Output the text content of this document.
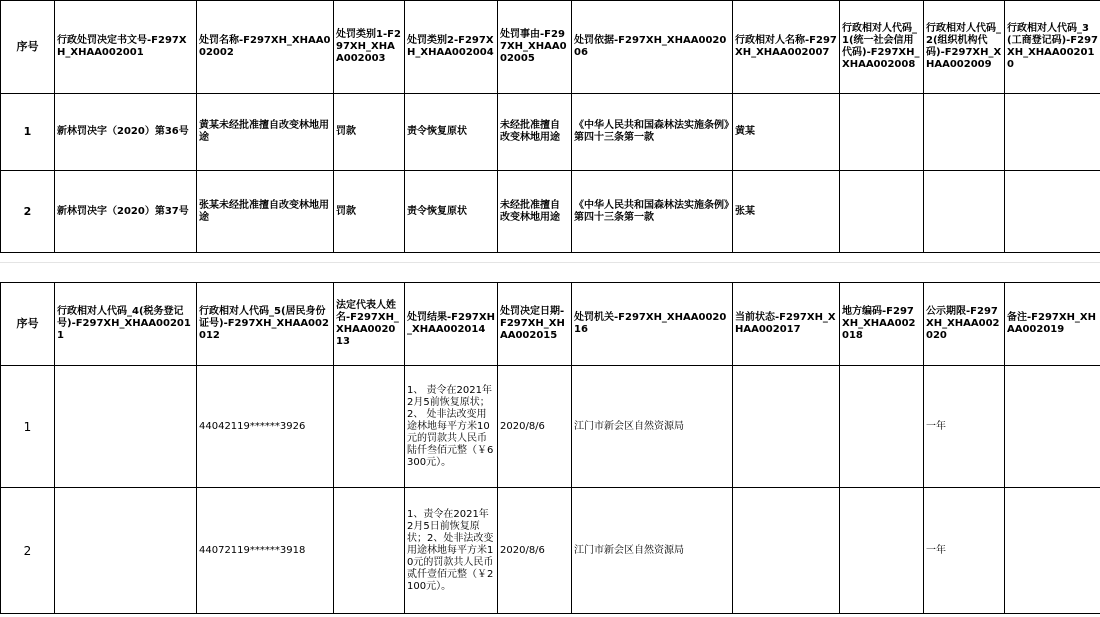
序号	行政处罚决定书文号-F297XH_XHAA002001	处罚名称-F297XH_XHAA002002	处罚类别1-F297XH_XHAA002003	处罚类别2-F297XH_XHAA002004	处罚事由-F297XH_XHAA002005	处罚依据-F297XH_XHAA002006	行政相对人名称-F297XH_XHAA002007	行政相对人代码_1(统一社会信用代码)-F297XH_XHAA002008	行政相对人代码_2(组织机构代码)-F297XH_XHAA002009	行政相对人代码_3(工商登记码)-F297XH_XHAA002010
1	新林罚决字（2020）第36号	黄某未经批准擅自改变林地用途	罚款	责令恢复原状	未经批准擅自改变林地用途	《中华人民共和国森林法实施条例》第四十三条第一款	黄某			
2	新林罚决字（2020）第37号	张某未经批准擅自改变林地用途	罚款	责令恢复原状	未经批准擅自改变林地用途	《中华人民共和国森林法实施条例》第四十三条第一款	张某			
序号	行政相对人代码_4(税务登记号)-F297XH_XHAA002011	行政相对人代码_5(居民身份证号)-F297XH_XHAA002012	法定代表人姓名-F297XH_XHAA002013	处罚结果-F297XH_XHAA002014	处罚决定日期-F297XH_XHAA002015	处罚机关-F297XH_XHAA002016	当前状态-F297XH_XHAA002017	地方编码-F297XH_XHAA002018	公示期限-F297XH_XHAA002020	备注-F297XH_XHAA002019
1		44042119******3926		1、 责令在2021年2月5前恢复原状；2、 处非法改变用途林地每平方米10元的罚款共人民币陆仟叁佰元整（￥6300元）。	2020/8/6	江门市新会区自然资源局			一年	
2		44072119******3918		1、责令在2021年2月5日前恢复原状；2、处非法改变用途林地每平方米10元的罚款共人民币贰仟壹佰元整（￥2100元）。	2020/8/6	江门市新会区自然资源局			一年	
